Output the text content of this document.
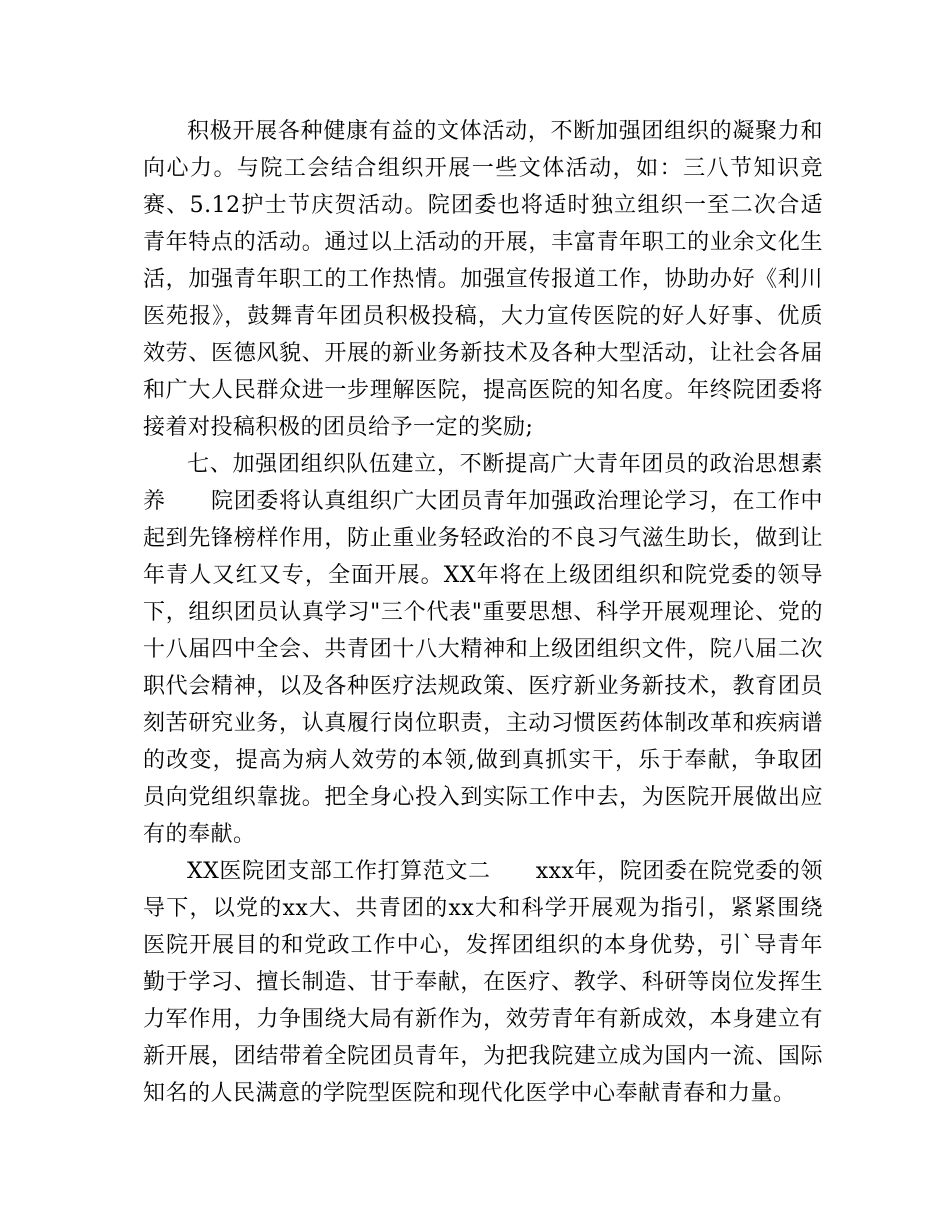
积极开展各种健康有益的文体活动，不断加强团组织的凝聚力和向心力。与院工会结合组织开展一些文体活动，如：三八节知识竞赛、5.12护士节庆贺活动。院团委也将适时独立组织一至二次合适青年特点的活动。通过以上活动的开展，丰富青年职工的业余文化生活，加强青年职工的工作热情。加强宣传报道工作，协助办好《利川医苑报》，鼓舞青年团员积极投稿，大力宣传医院的好人好事、优质效劳、医德风貌、开展的新业务新技术及各种大型活动，让社会各届和广大人民群众进一步理解医院，提高医院的知名度。年终院团委将接着对投稿积极的团员给予一定的奖励;

七、加强团组织队伍建立，不断提高广大青年团员的政治思想素养　　院团委将认真组织广大团员青年加强政治理论学习，在工作中起到先锋榜样作用，防止重业务轻政治的不良习气滋生助长，做到让年青人又红又专，全面开展。XX年将在上级团组织和院党委的领导下，组织团员认真学习"三个代表"重要思想、科学开展观理论、党的十八届四中全会、共青团十八大精神和上级团组织文件，院八届二次职代会精神，以及各种医疗法规政策、医疗新业务新技术，教育团员刻苦研究业务，认真履行岗位职责，主动习惯医药体制改革和疾病谱的改变，提高为病人效劳的本领,做到真抓实干，乐于奉献，争取团员向党组织靠拢。把全身心投入到实际工作中去，为医院开展做出应有的奉献。

XX医院团支部工作打算范文二　　xxx年，院团委在院党委的领导下，以党的xx大、共青团的xx大和科学开展观为指引，紧紧围绕医院开展目的和党政工作中心，发挥团组织的本身优势，引`导青年勤于学习、擅长制造、甘于奉献，在医疗、教学、科研等岗位发挥生力军作用，力争围绕大局有新作为，效劳青年有新成效，本身建立有新开展，团结带着全院团员青年，为把我院建立成为国内一流、国际知名的人民满意的学院型医院和现代化医学中心奉献青春和力量。
